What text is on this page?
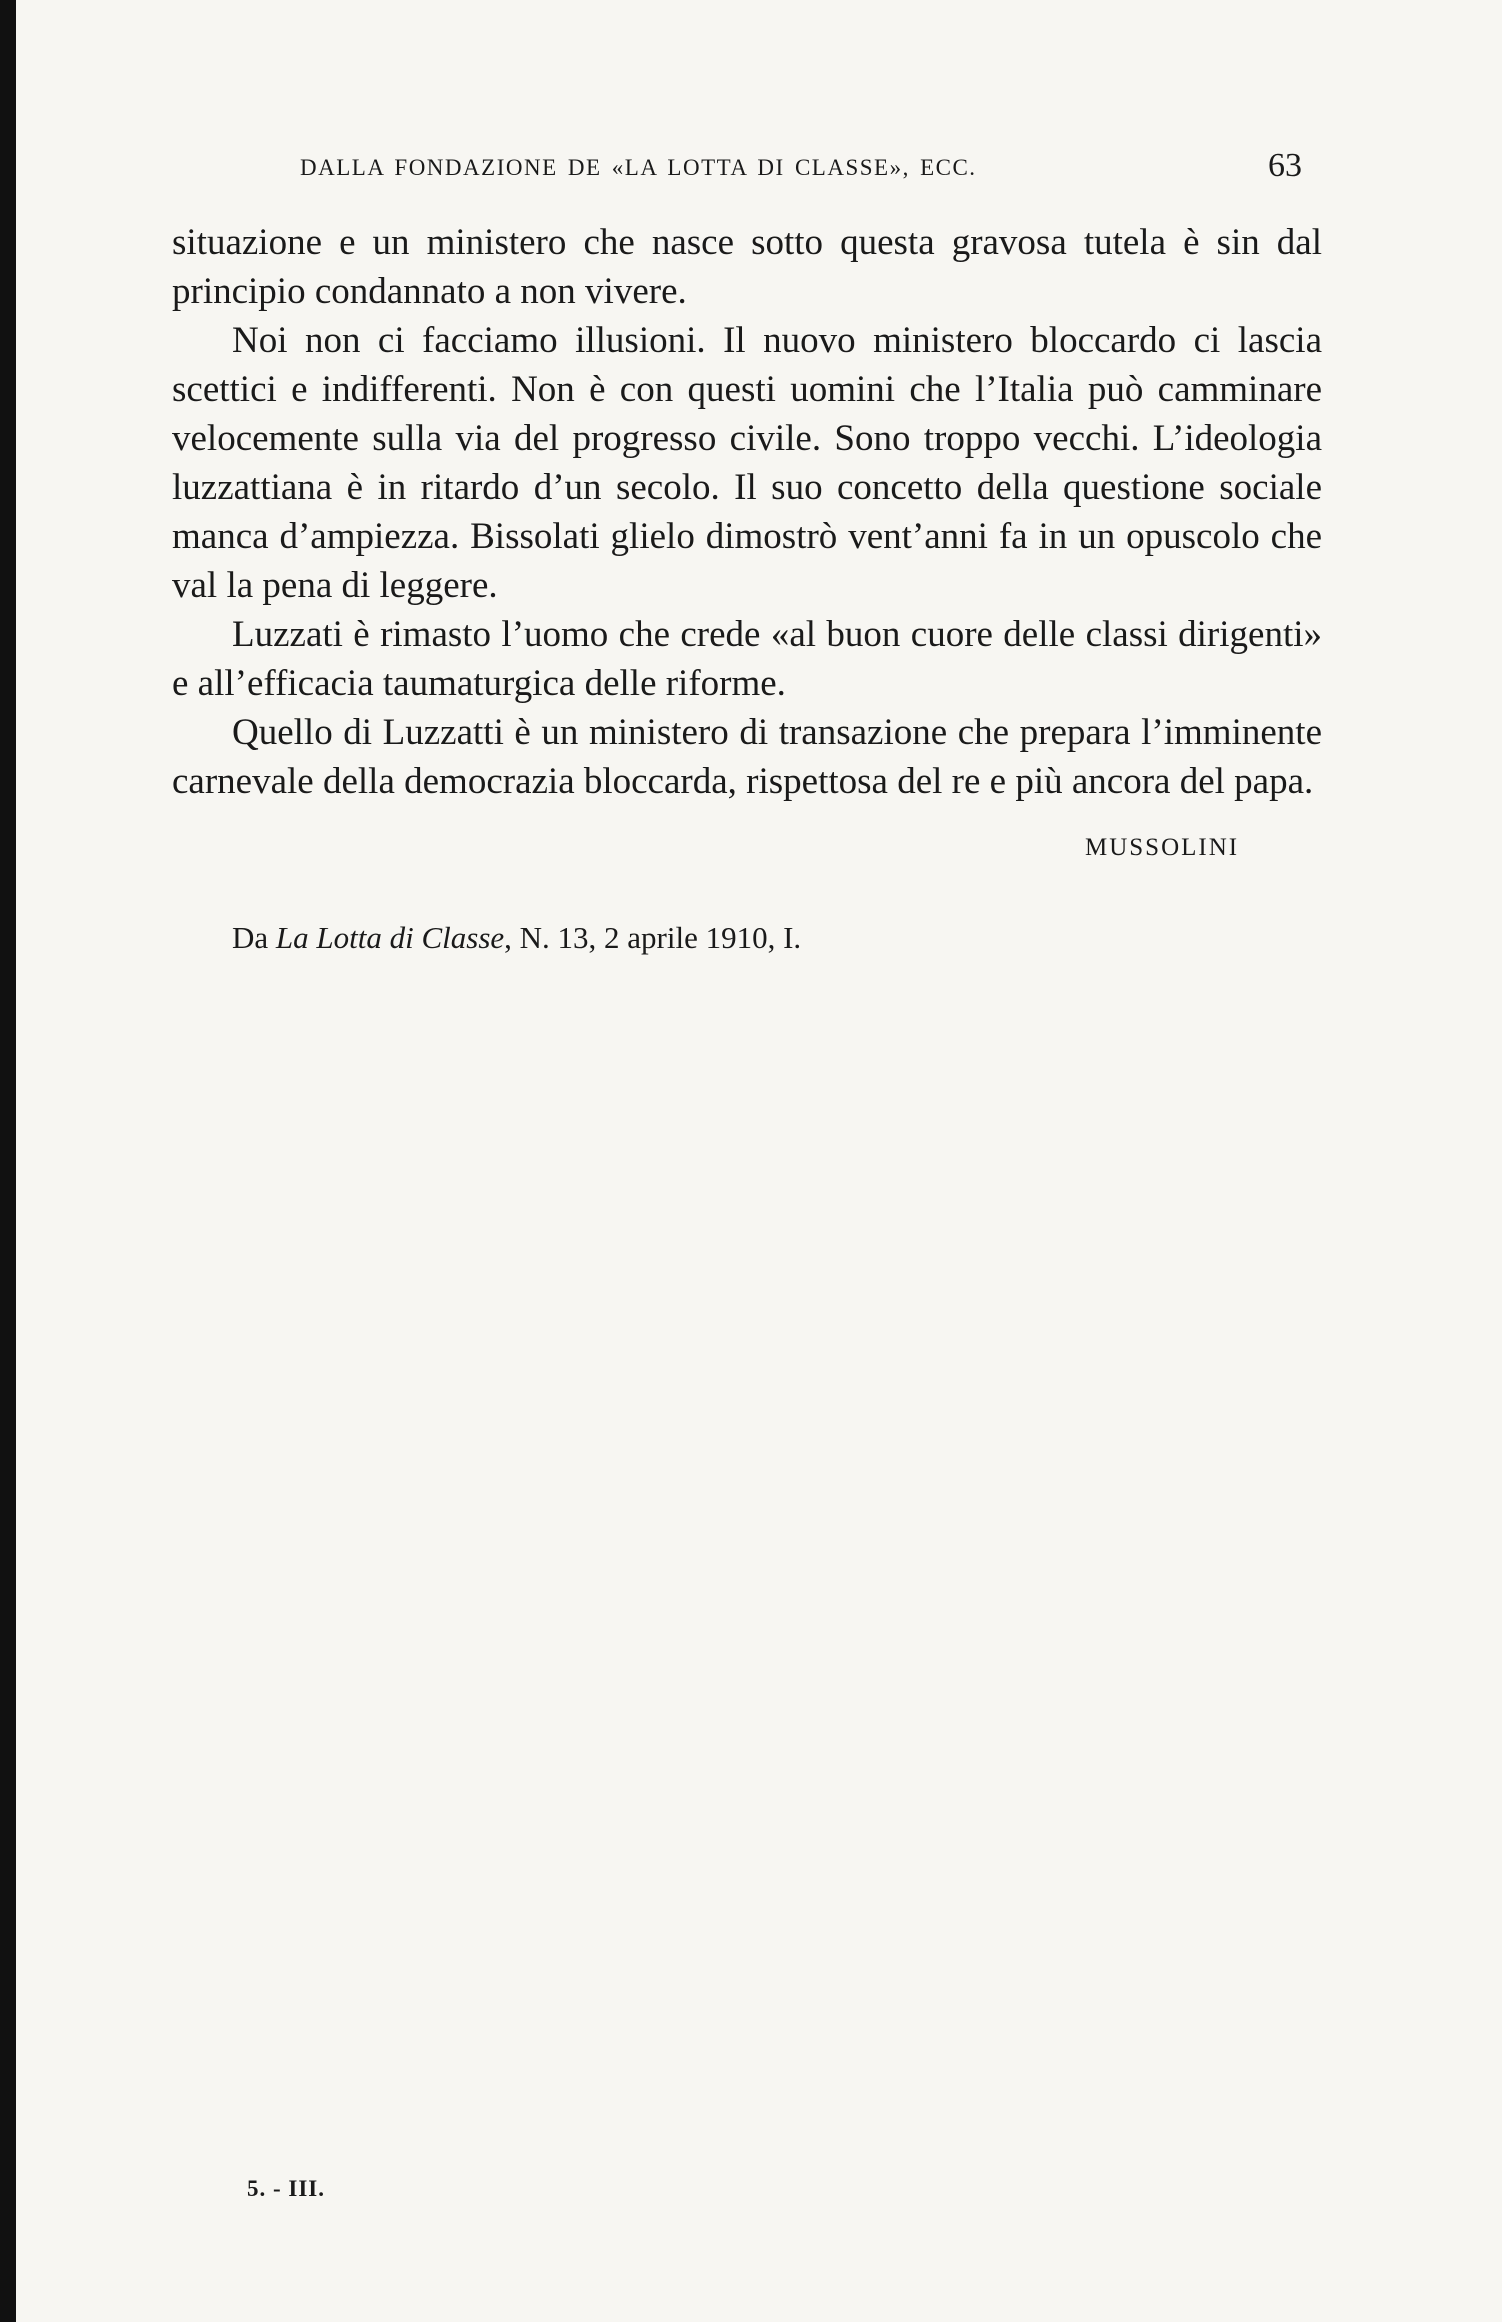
DALLA FONDAZIONE DE «LA LOTTA DI CLASSE», ECC.	63

situazione e un ministero che nasce sotto questa gravosa tutela è sin dal principio condannato a non vivere.

Noi non ci facciamo illusioni. Il nuovo ministero bloccardo ci lascia scettici e indifferenti. Non è con questi uomini che l’Italia può camminare velocemente sulla via del progresso civile. Sono troppo vecchi. L’ideologia luzzattiana è in ritardo d’un secolo. Il suo concetto della questione sociale manca d’ampiezza. Bissolati glielo dimostrò vent’anni fa in un opuscolo che val la pena di leggere.

Luzzati è rimasto l’uomo che crede «al buon cuore delle classi dirigenti» e all’efficacia taumaturgica delle riforme.

Quello di Luzzatti è un ministero di transazione che prepara l’imminente carnevale della democrazia bloccarda, rispettosa del re e più ancora del papa.

MUSSOLINI
Da La Lotta di Classe, N. 13, 2 aprile 1910, I.
5. - III.
